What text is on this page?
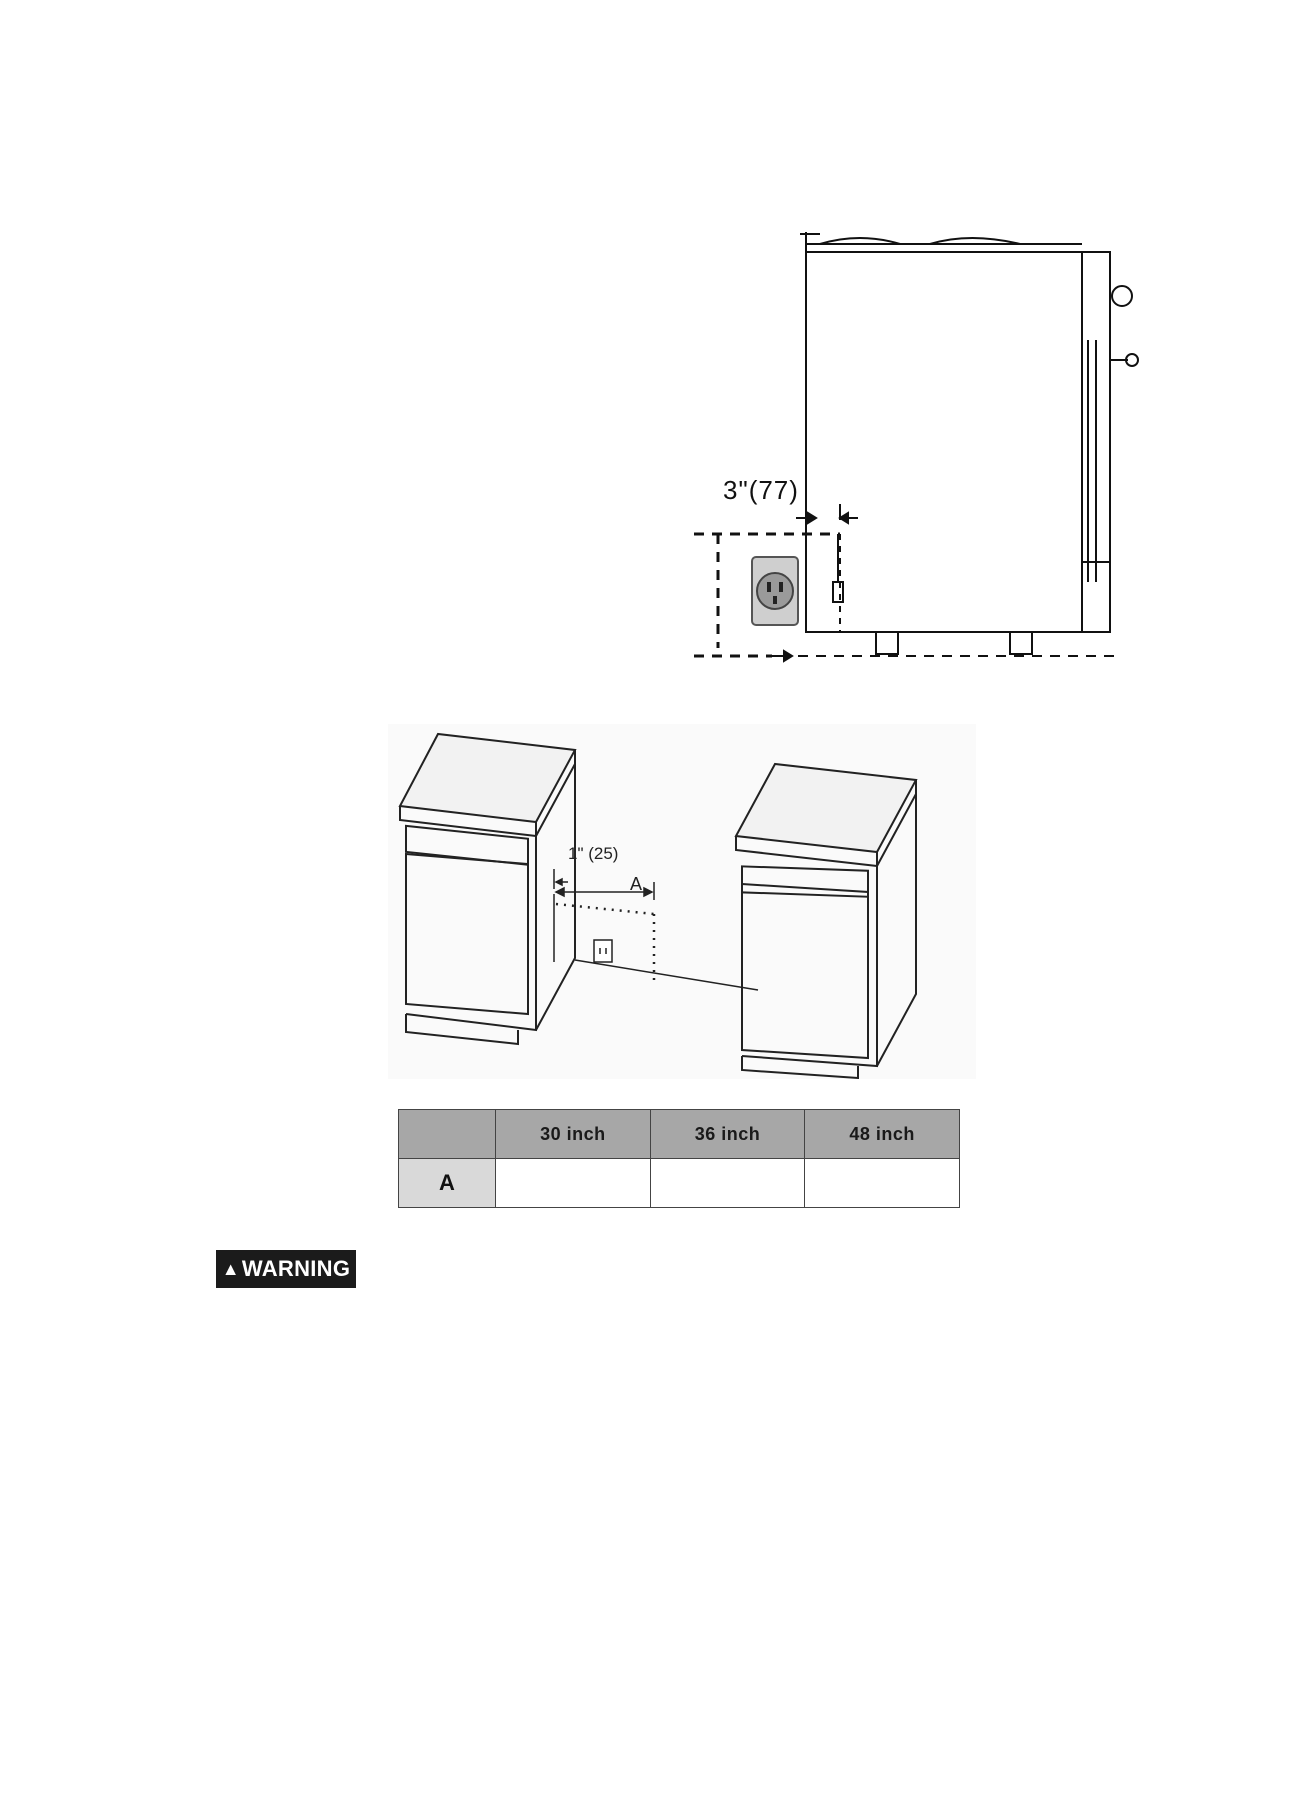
3"(77)
1" (25)
A
	30 inch	36 inch	48 inch
A			
▲ WARNING
